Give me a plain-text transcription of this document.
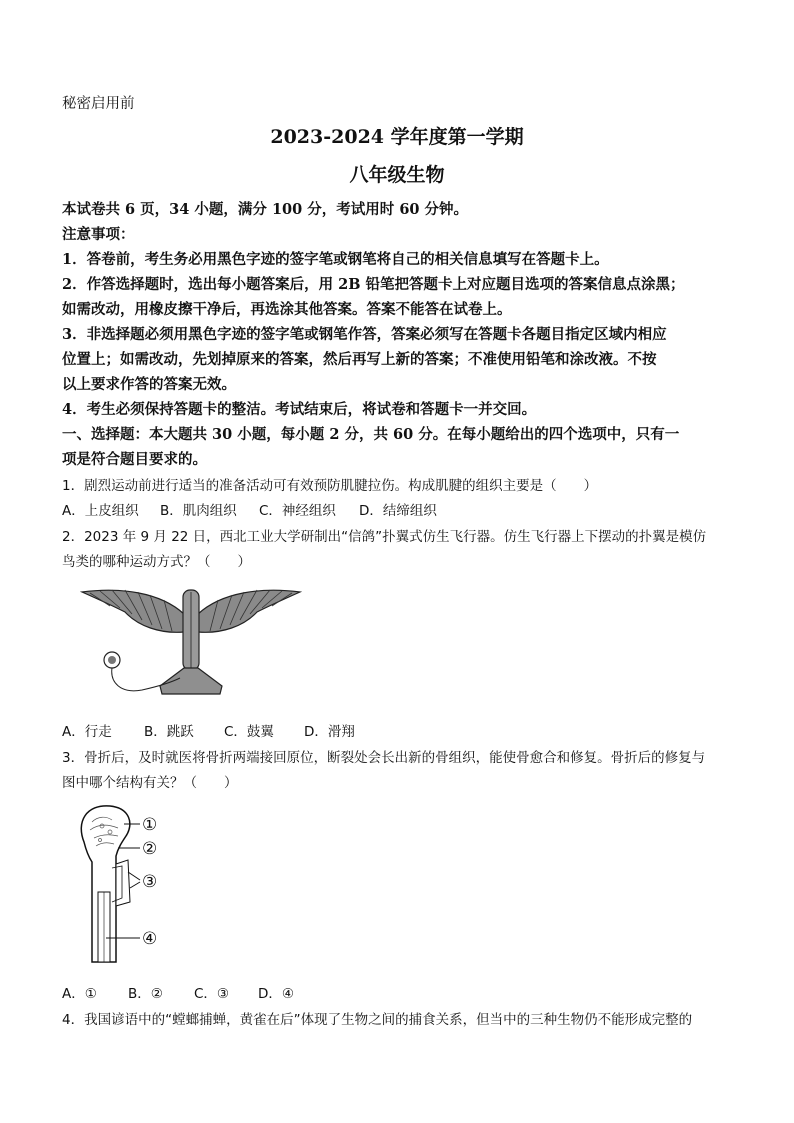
秘密启用前
2023-2024 学年度第一学期
八年级生物
本试卷共 6 页，34 小题，满分 100 分，考试用时 60 分钟。
注意事项：
1．答卷前，考生务必用黑色字迹的签字笔或钢笔将自己的相关信息填写在答题卡上。
2．作答选择题时，选出每小题答案后，用 2B 铅笔把答题卡上对应题目选项的答案信息点涂黑；
如需改动，用橡皮擦干净后，再选涂其他答案。答案不能答在试卷上。
3．非选择题必须用黑色字迹的签字笔或钢笔作答，答案必须写在答题卡各题目指定区域内相应
位置上；如需改动，先划掉原来的答案，然后再写上新的答案；不准使用铅笔和涂改液。不按
以上要求作答的答案无效。
4．考生必须保持答题卡的整洁。考试结束后，将试卷和答题卡一并交回。
一、选择题：本大题共 30 小题，每小题 2 分，共 60 分。在每小题给出的四个选项中，只有一
项是符合题目要求的。
1．剧烈运动前进行适当的准备活动可有效预防肌腱拉伤。构成肌腱的组织主要是（　　）
A．上皮组织 B．肌肉组织 C．神经组织 D．结缔组织
2．2023 年 9 月 22 日，西北工业大学研制出“信鸽”扑翼式仿生飞行器。仿生飞行器上下摆动的扑翼是模仿
鸟类的哪种运动方式？（　　）
A．行走 B．跳跃 C．鼓翼 D．滑翔
3．骨折后，及时就医将骨折两端接回原位，断裂处会长出新的骨组织，能使骨愈合和修复。骨折后的修复与
图中哪个结构有关？（　　）
①
②
③
④
A．① B．② C．③ D．④
4．我国谚语中的“螳螂捕蝉，黄雀在后”体现了生物之间的捕食关系，但当中的三种生物仍不能形成完整的
